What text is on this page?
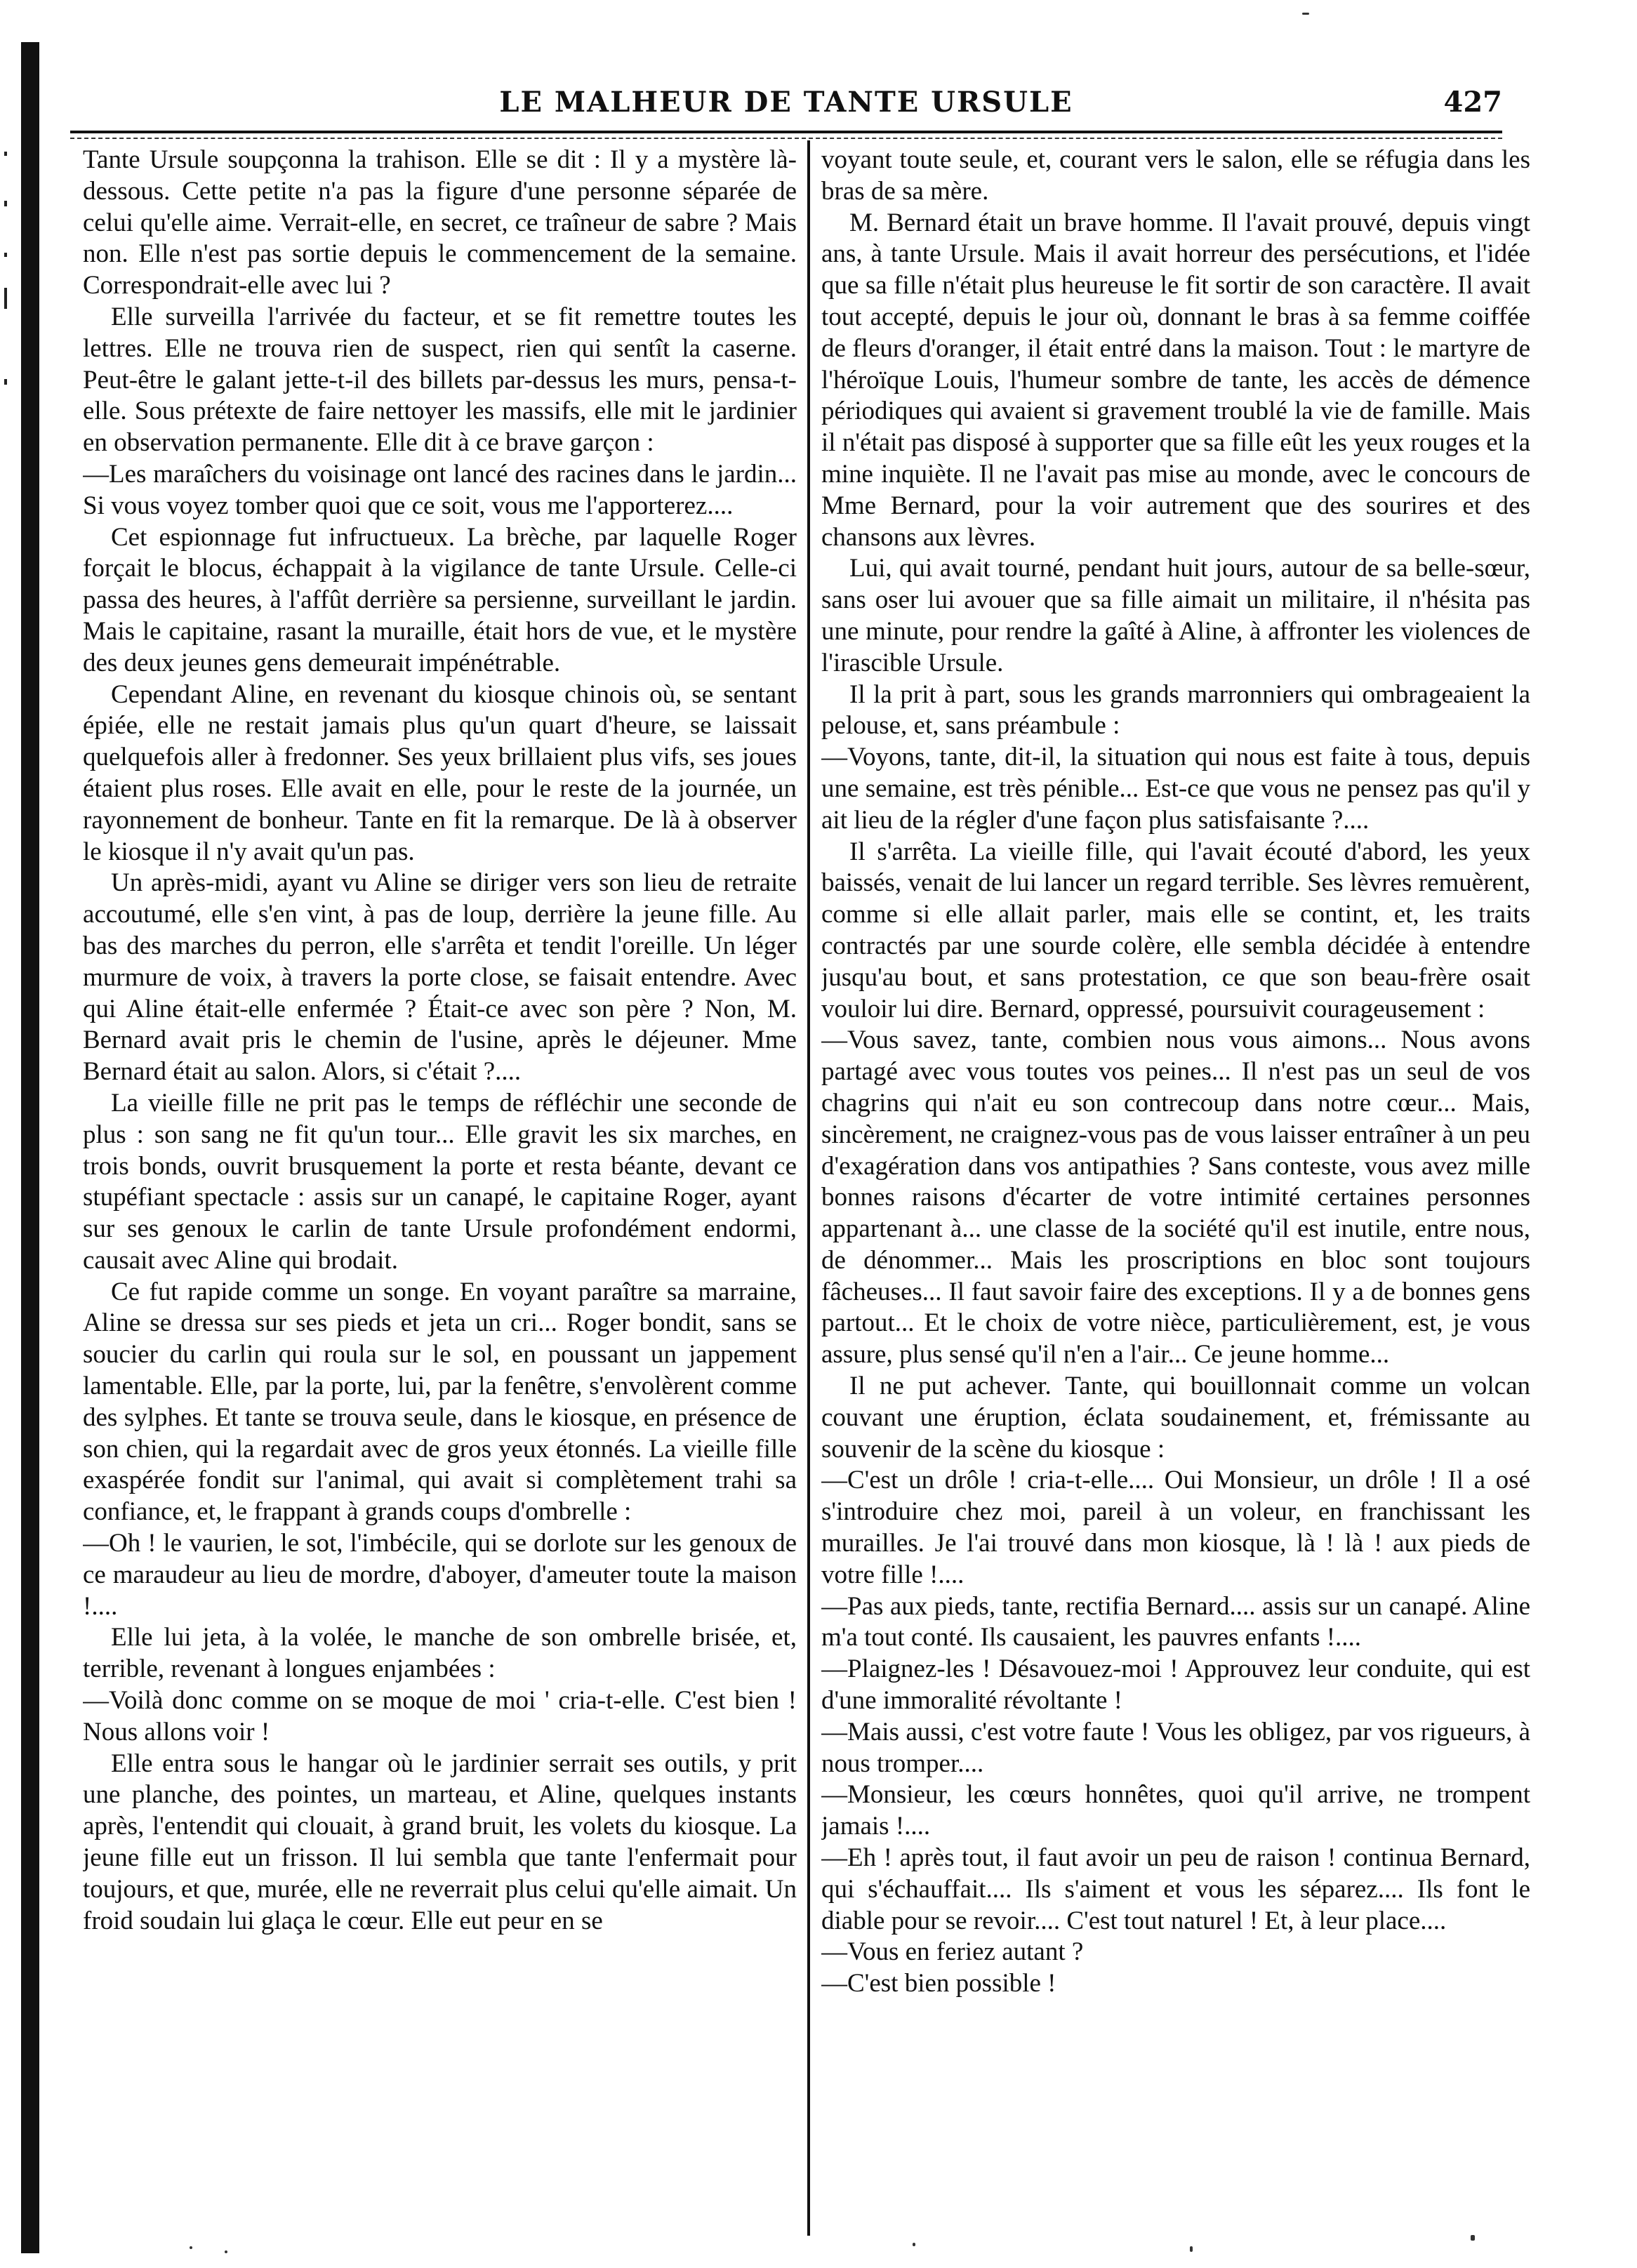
LE MALHEUR DE TANTE URSULE	427

Tante Ursule soupçonna la trahison. Elle se dit : Il y a mystère là-dessous. Cette petite n'a pas la figure d'une personne séparée de celui qu'elle aime. Verrait-elle, en secret, ce traîneur de sabre ? Mais non. Elle n'est pas sortie depuis le commencement de la semaine. Correspondrait-elle avec lui ?

Elle surveilla l'arrivée du facteur, et se fit remettre toutes les lettres. Elle ne trouva rien de suspect, rien qui sentît la caserne. Peut-être le galant jette-t-il des billets par-dessus les murs, pensa-t-elle. Sous prétexte de faire nettoyer les massifs, elle mit le jardinier en observation permanente. Elle dit à ce brave garçon :

—Les maraîchers du voisinage ont lancé des racines dans le jardin... Si vous voyez tomber quoi que ce soit, vous me l'apporterez....

Cet espionnage fut infructueux. La brèche, par laquelle Roger forçait le blocus, échappait à la vigilance de tante Ursule. Celle-ci passa des heures, à l'affût derrière sa persienne, surveillant le jardin. Mais le capitaine, rasant la muraille, était hors de vue, et le mystère des deux jeunes gens demeurait impénétrable.

Cependant Aline, en revenant du kiosque chinois où, se sentant épiée, elle ne restait jamais plus qu'un quart d'heure, se laissait quelquefois aller à fredonner. Ses yeux brillaient plus vifs, ses joues étaient plus roses. Elle avait en elle, pour le reste de la journée, un rayonnement de bonheur. Tante en fit la remarque. De là à observer le kiosque il n'y avait qu'un pas.

Un après-midi, ayant vu Aline se diriger vers son lieu de retraite accoutumé, elle s'en vint, à pas de loup, derrière la jeune fille. Au bas des marches du perron, elle s'arrêta et tendit l'oreille. Un léger murmure de voix, à travers la porte close, se faisait entendre. Avec qui Aline était-elle enfermée ? Était-ce avec son père ? Non, M. Bernard avait pris le chemin de l'usine, après le déjeuner. Mme Bernard était au salon. Alors, si c'était ?....

La vieille fille ne prit pas le temps de réfléchir une seconde de plus : son sang ne fit qu'un tour... Elle gravit les six marches, en trois bonds, ouvrit brusquement la porte et resta béante, devant ce stupéfiant spectacle : assis sur un canapé, le capitaine Roger, ayant sur ses genoux le carlin de tante Ursule profondément endormi, causait avec Aline qui brodait.

Ce fut rapide comme un songe. En voyant paraître sa marraine, Aline se dressa sur ses pieds et jeta un cri... Roger bondit, sans se soucier du carlin qui roula sur le sol, en poussant un jappement lamentable. Elle, par la porte, lui, par la fenêtre, s'envolèrent comme des sylphes. Et tante se trouva seule, dans le kiosque, en présence de son chien, qui la regardait avec de gros yeux étonnés. La vieille fille exaspérée fondit sur l'animal, qui avait si complètement trahi sa confiance, et, le frappant à grands coups d'ombrelle :

—Oh ! le vaurien, le sot, l'imbécile, qui se dorlote sur les genoux de ce maraudeur au lieu de mordre, d'aboyer, d'ameuter toute la maison !....

Elle lui jeta, à la volée, le manche de son ombrelle brisée, et, terrible, revenant à longues enjambées :

—Voilà donc comme on se moque de moi ' cria-t-elle. C'est bien ! Nous allons voir !

Elle entra sous le hangar où le jardinier serrait ses outils, y prit une planche, des pointes, un marteau, et Aline, quelques instants après, l'entendit qui clouait, à grand bruit, les volets du kiosque. La jeune fille eut un frisson. Il lui sembla que tante l'enfermait pour toujours, et que, murée, elle ne reverrait plus celui qu'elle aimait. Un froid soudain lui glaça le cœur. Elle eut peur en se

voyant toute seule, et, courant vers le salon, elle se réfugia dans les bras de sa mère.

M. Bernard était un brave homme. Il l'avait prouvé, depuis vingt ans, à tante Ursule. Mais il avait horreur des persécutions, et l'idée que sa fille n'était plus heureuse le fit sortir de son caractère. Il avait tout accepté, depuis le jour où, donnant le bras à sa femme coiffée de fleurs d'oranger, il était entré dans la maison. Tout : le martyre de l'héroïque Louis, l'humeur sombre de tante, les accès de démence périodiques qui avaient si gravement troublé la vie de famille. Mais il n'était pas disposé à supporter que sa fille eût les yeux rouges et la mine inquiète. Il ne l'avait pas mise au monde, avec le concours de Mme Bernard, pour la voir autrement que des sourires et des chansons aux lèvres.

Lui, qui avait tourné, pendant huit jours, autour de sa belle-sœur, sans oser lui avouer que sa fille aimait un militaire, il n'hésita pas une minute, pour rendre la gaîté à Aline, à affronter les violences de l'irascible Ursule.

Il la prit à part, sous les grands marronniers qui ombrageaient la pelouse, et, sans préambule :

—Voyons, tante, dit-il, la situation qui nous est faite à tous, depuis une semaine, est très pénible... Est-ce que vous ne pensez pas qu'il y ait lieu de la régler d'une façon plus satisfaisante ?....

Il s'arrêta. La vieille fille, qui l'avait écouté d'abord, les yeux baissés, venait de lui lancer un regard terrible. Ses lèvres remuèrent, comme si elle allait parler, mais elle se contint, et, les traits contractés par une sourde colère, elle sembla décidée à entendre jusqu'au bout, et sans protestation, ce que son beau-frère osait vouloir lui dire. Bernard, oppressé, poursuivit courageusement :

—Vous savez, tante, combien nous vous aimons... Nous avons partagé avec vous toutes vos peines... Il n'est pas un seul de vos chagrins qui n'ait eu son contrecoup dans notre cœur... Mais, sincèrement, ne craignez-vous pas de vous laisser entraîner à un peu d'exagération dans vos antipathies ? Sans conteste, vous avez mille bonnes raisons d'écarter de votre intimité certaines personnes appartenant à... une classe de la société qu'il est inutile, entre nous, de dénommer... Mais les proscriptions en bloc sont toujours fâcheuses... Il faut savoir faire des exceptions. Il y a de bonnes gens partout... Et le choix de votre nièce, particulièrement, est, je vous assure, plus sensé qu'il n'en a l'air... Ce jeune homme...

Il ne put achever. Tante, qui bouillonnait comme un volcan couvant une éruption, éclata soudainement, et, frémissante au souvenir de la scène du kiosque :

—C'est un drôle ! cria-t-elle.... Oui Monsieur, un drôle ! Il a osé s'introduire chez moi, pareil à un voleur, en franchissant les murailles. Je l'ai trouvé dans mon kiosque, là ! là ! aux pieds de votre fille !....

—Pas aux pieds, tante, rectifia Bernard.... assis sur un canapé. Aline m'a tout conté. Ils causaient, les pauvres enfants !....

—Plaignez-les ! Désavouez-moi ! Approuvez leur conduite, qui est d'une immoralité révoltante !

—Mais aussi, c'est votre faute ! Vous les obligez, par vos rigueurs, à nous tromper....

—Monsieur, les cœurs honnêtes, quoi qu'il arrive, ne trompent jamais !....

—Eh ! après tout, il faut avoir un peu de raison ! continua Bernard, qui s'échauffait.... Ils s'aiment et vous les séparez.... Ils font le diable pour se revoir.... C'est tout naturel ! Et, à leur place....

—Vous en feriez autant ?

—C'est bien possible !
